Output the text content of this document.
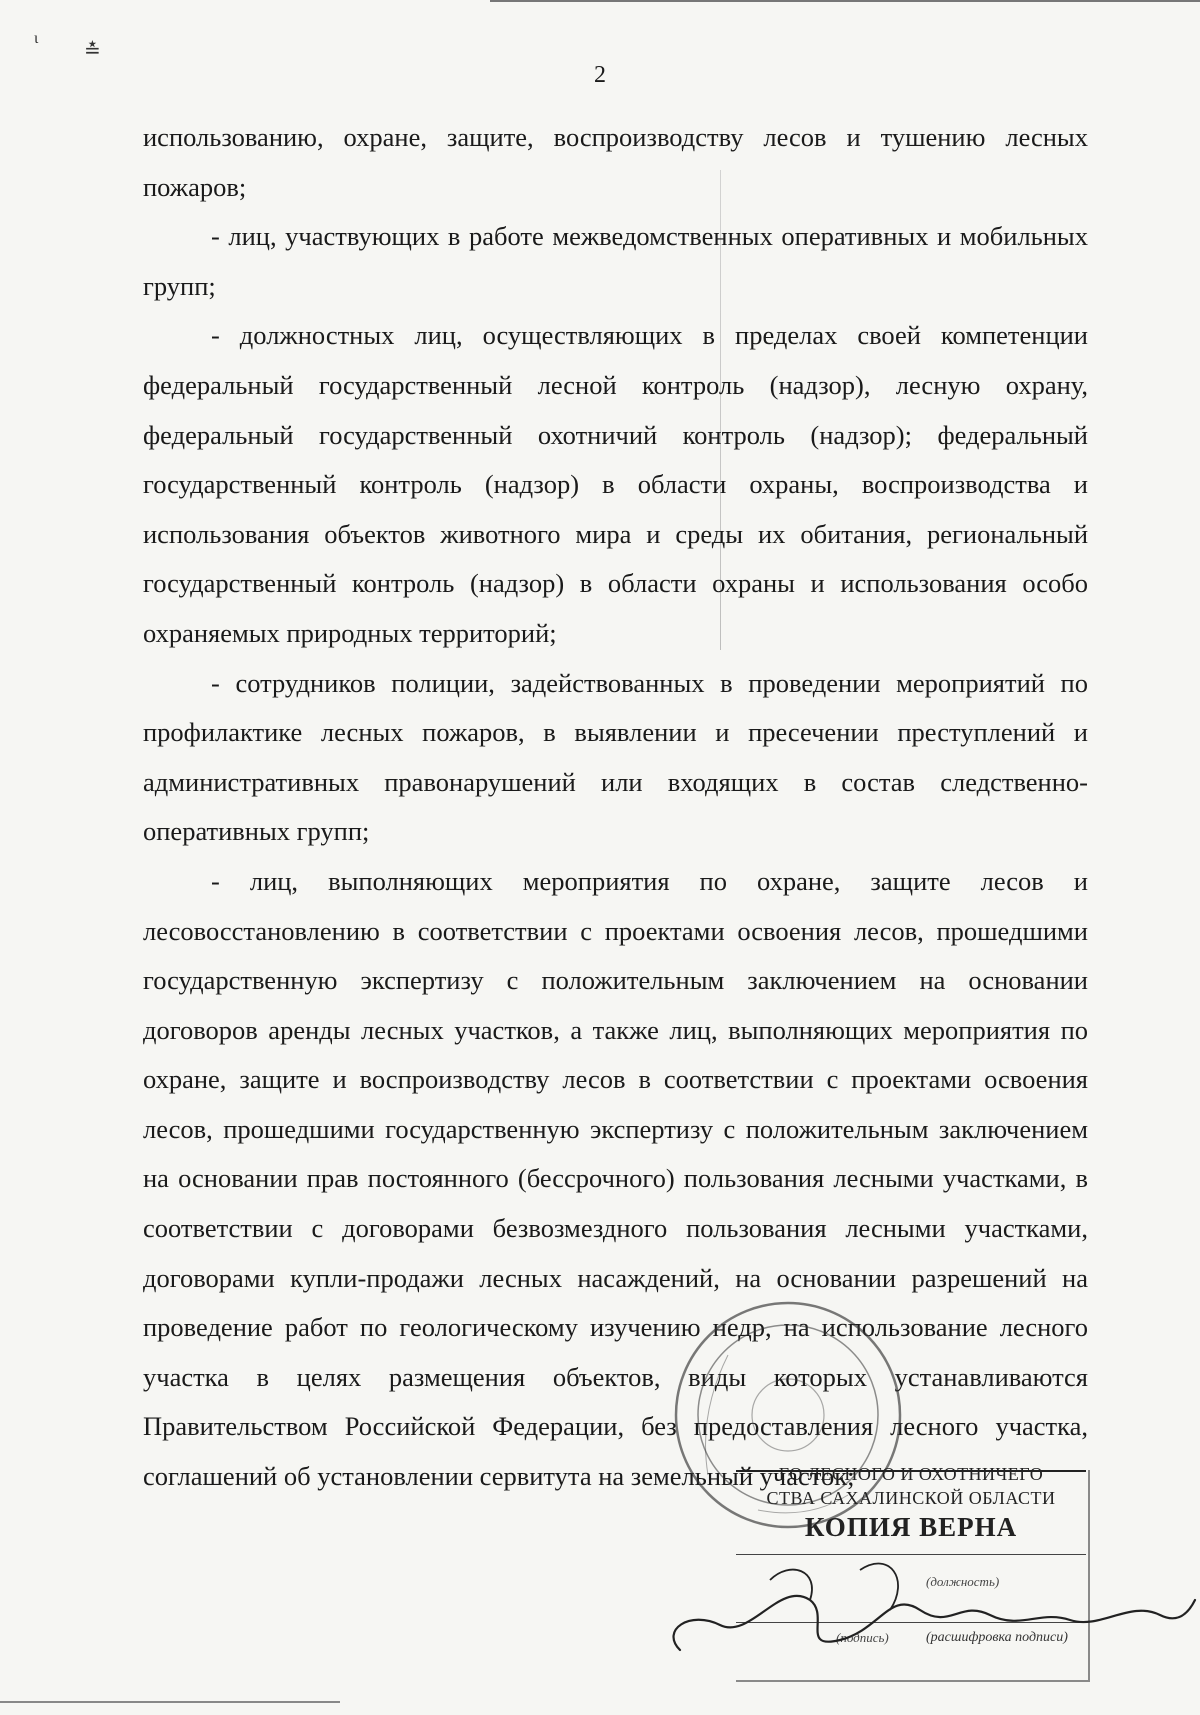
ι
≛
2

использованию, охране, защите, воспроизводству лесов и тушению лесных пожаров;

- лиц, участвующих в работе межведомственных оперативных и мобильных групп;

- должностных лиц, осуществляющих в пределах своей компетенции федеральный государственный лесной контроль (надзор), лесную охрану, федеральный государственный охотничий контроль (надзор); федеральный государственный контроль (надзор) в области охраны, воспроизводства и использования объектов животного мира и среды их обитания, региональный государственный контроль (надзор) в области охраны и использования особо охраняемых природных территорий;

- сотрудников полиции, задействованных в проведении мероприятий по профилактике лесных пожаров, в выявлении и пресечении преступлений и административных правонарушений или входящих в состав следственно-оперативных групп;

- лиц, выполняющих мероприятия по охране, защите лесов и лесовосстановлению в соответствии с проектами освоения лесов, прошедшими государственную экспертизу с положительным заключением на основании договоров аренды лесных участков, а также лиц, выполняющих мероприятия по охране, защите и воспроизводству лесов в соответствии с проектами освоения лесов, прошедшими государственную экспертизу с положительным заключением на основании прав постоянного (бессрочного) пользования лесными участками, в соответствии с договорами безвозмездного пользования лесными участками, договорами купли-продажи лесных насаждений, на основании разрешений на проведение работ по геологическому изучению недр, на использование лесного участка в целях размещения объектов, виды которых устанавливаются Правительством Российской Федерации, без предоставления лесного участка, соглашений об установлении сервитута на земельный участок;

ГО ЛЕСНОГО И ОХОТНИЧЕГО
СТВА САХАЛИНСКОЙ ОБЛАСТИ
КОПИЯ ВЕРНА
(должность)
(подпись)	(расшифровка подписи)
